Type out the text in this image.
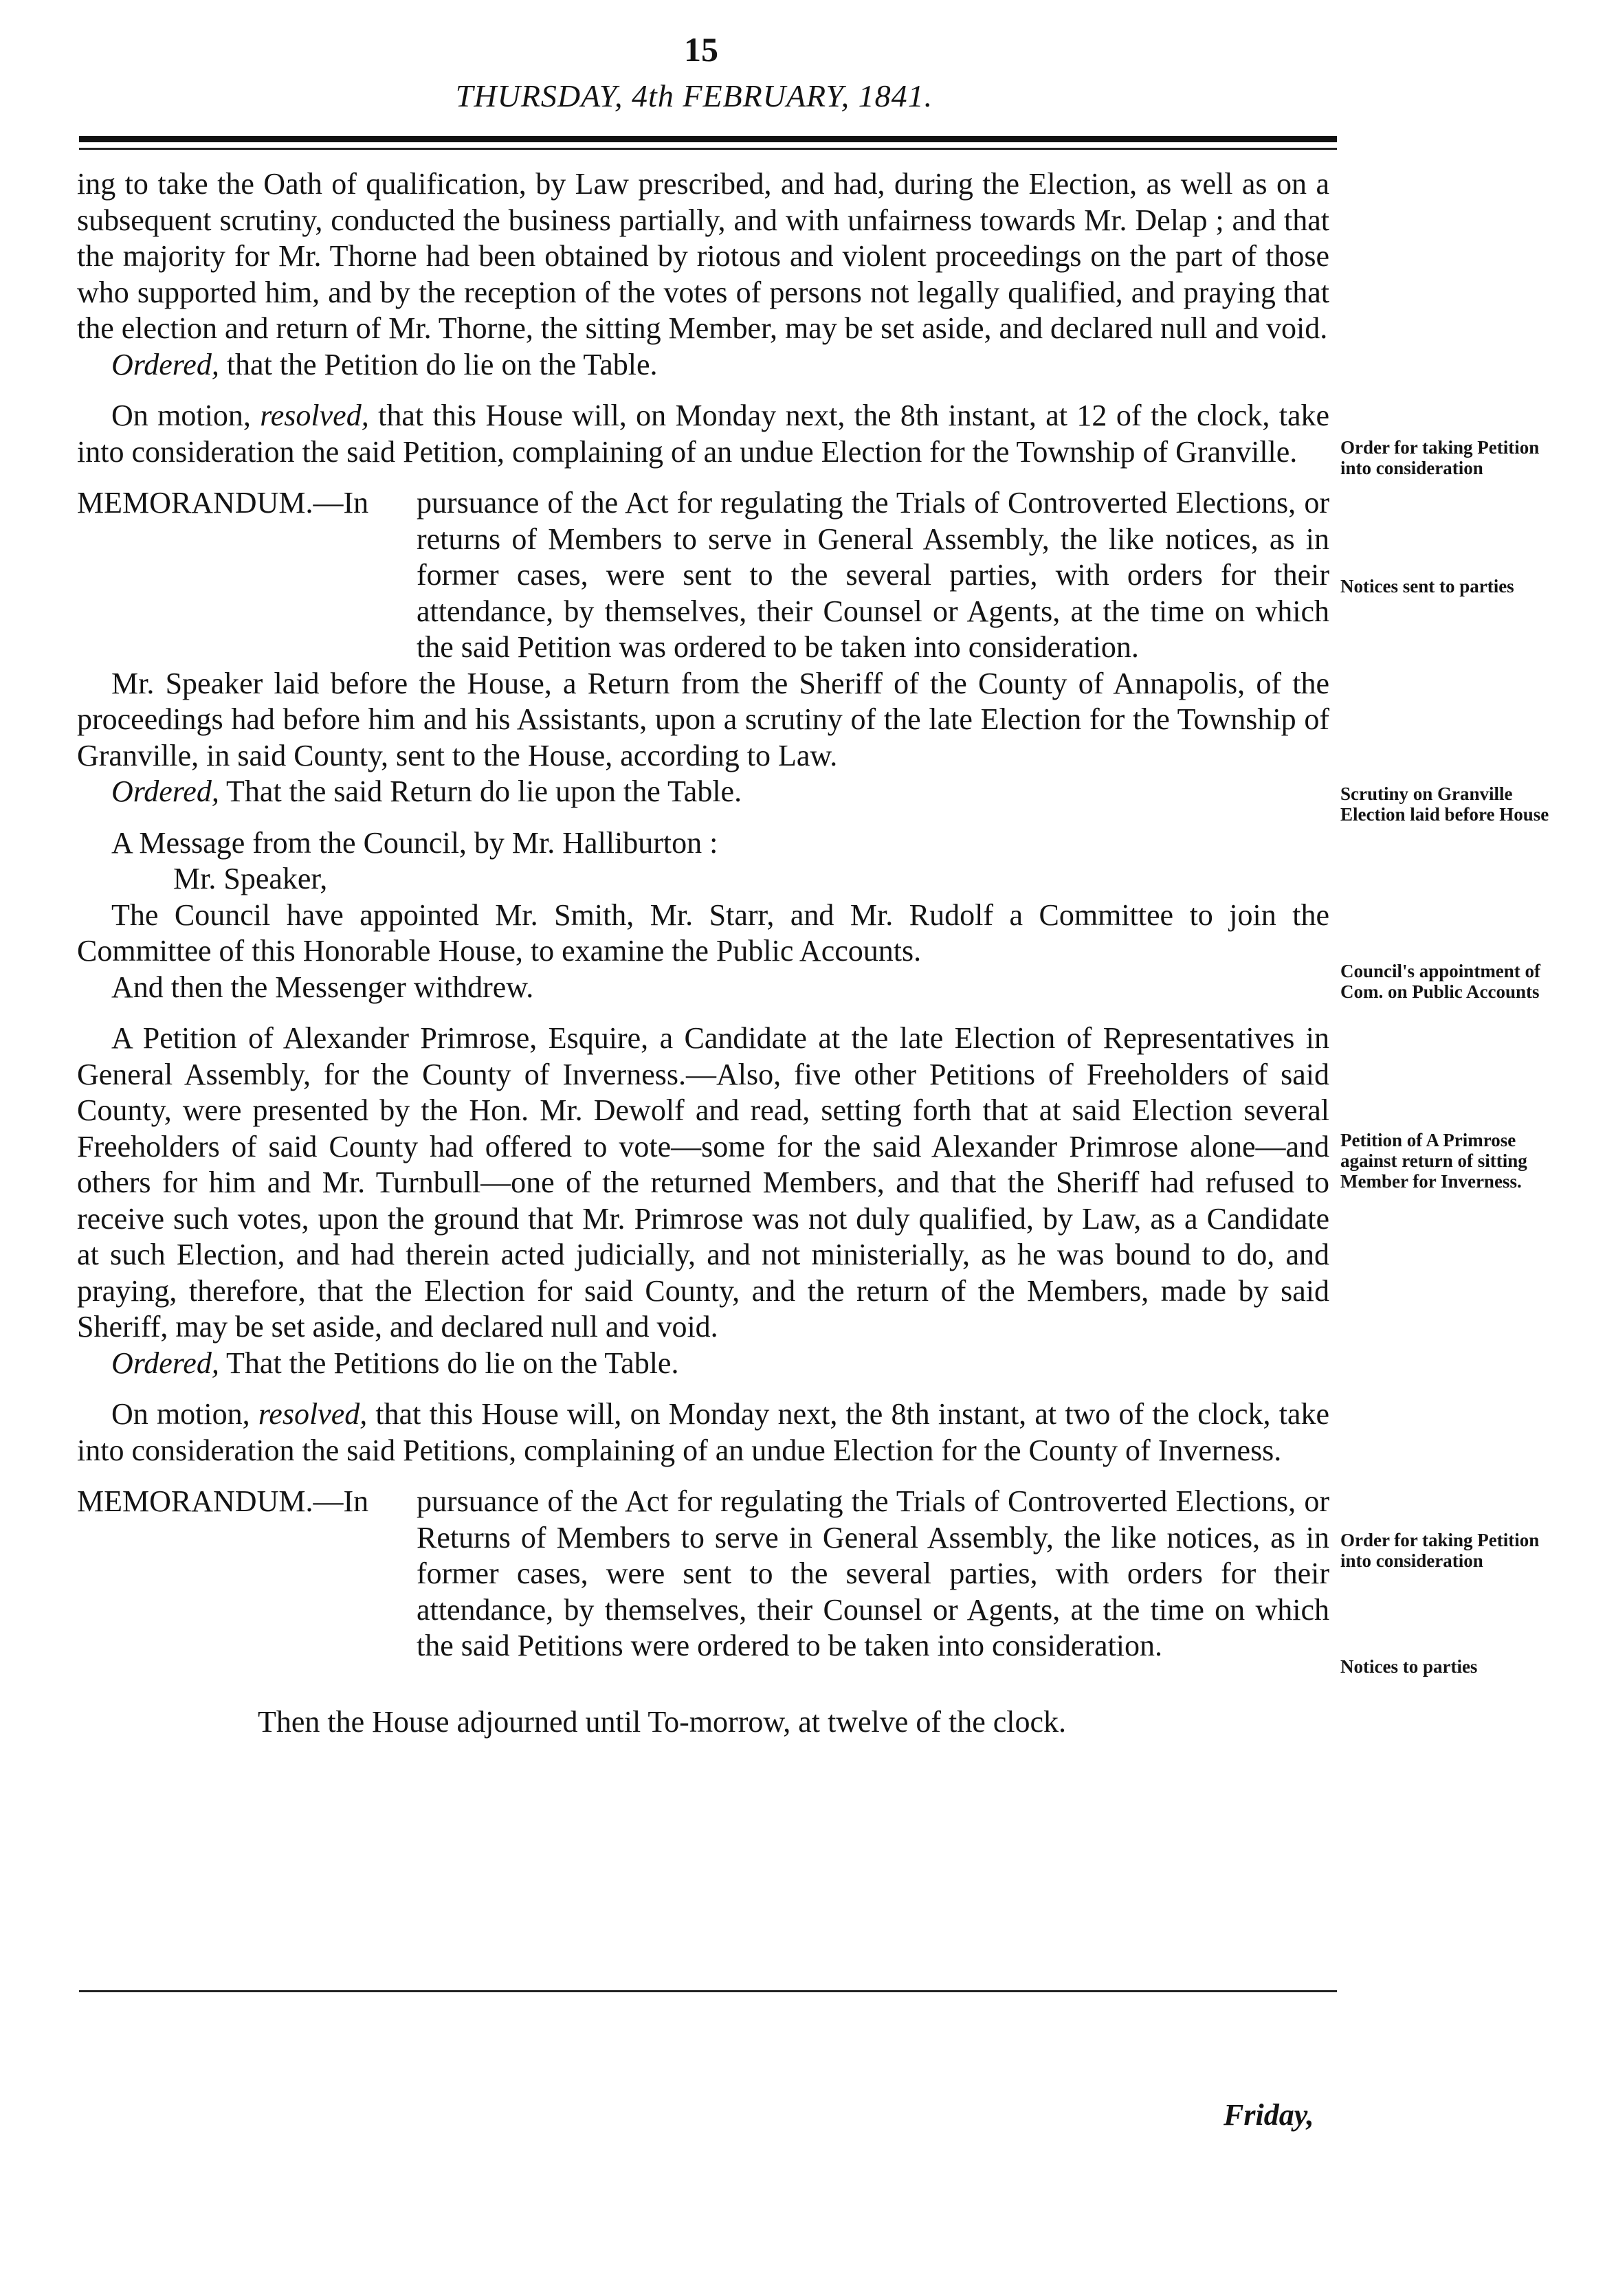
15
THURSDAY, 4th FEBRUARY, 1841.

ing to take the Oath of qualification, by Law prescribed, and had, during the Election, as well as on a subsequent scrutiny, conducted the business partially, and with unfairness towards Mr. Delap ; and that the majority for Mr. Thorne had been obtained by riotous and violent proceedings on the part of those who supported him, and by the reception of the votes of persons not legally qualified, and praying that the election and return of Mr. Thorne, the sitting Member, may be set aside, and declared null and void.

Ordered, that the Petition do lie on the Table.

On motion, resolved, that this House will, on Monday next, the 8th instant, at 12 of the clock, take into consideration the said Petition, complaining of an undue Election for the Township of Granville.

MEMORANDUM.—In	pursuance of the Act for regulating the Trials of Controverted Elections, or returns of Members to serve in General Assembly, the like notices, as in former cases, were sent to the several parties, with orders for their attendance, by themselves, their Counsel or Agents, at the time on which the said Petition was ordered to be taken into consideration.

Mr. Speaker laid before the House, a Return from the Sheriff of the County of Annapolis, of the proceedings had before him and his Assistants, upon a scrutiny of the late Election for the Township of Granville, in said County, sent to the House, according to Law.

Ordered, That the said Return do lie upon the Table.

A Message from the Council, by Mr. Halliburton :

Mr. Speaker,

The Council have appointed Mr. Smith, Mr. Starr, and Mr. Rudolf a Committee to join the Committee of this Honorable House, to examine the Public Accounts.

And then the Messenger withdrew.

A Petition of Alexander Primrose, Esquire, a Candidate at the late Election of Representatives in General Assembly, for the County of Inverness.—Also, five other Petitions of Freeholders of said County, were presented by the Hon. Mr. Dewolf and read, setting forth that at said Election several Freeholders of said County had offered to vote—some for the said Alexander Primrose alone—and others for him and Mr. Turnbull—one of the returned Members, and that the Sheriff had refused to receive such votes, upon the ground that Mr. Primrose was not duly qualified, by Law, as a Candidate at such Election, and had therein acted judicially, and not ministerially, as he was bound to do, and praying, therefore, that the Election for said County, and the return of the Members, made by said Sheriff, may be set aside, and declared null and void.

Ordered, That the Petitions do lie on the Table.

On motion, resolved, that this House will, on Monday next, the 8th instant, at two of the clock, take into consideration the said Petitions, complaining of an undue Election for the County of Inverness.

MEMORANDUM.—In	pursuance of the Act for regulating the Trials of Controverted Elections, or Returns of Members to serve in General Assembly, the like notices, as in former cases, were sent to the several parties, with orders for their attendance, by themselves, their Counsel or Agents, at the time on which the said Petitions were ordered to be taken into consideration.

Then the House adjourned until To-morrow, at twelve of the clock.

Order for taking Petition into consideration
Notices sent to parties
Scrutiny on Granville Election laid before House
Council's appointment of Com. on Public Accounts
Petition of A Primrose against return of sitting Member for Inverness.
Order for taking Petition into consideration
Notices to parties
Friday,
